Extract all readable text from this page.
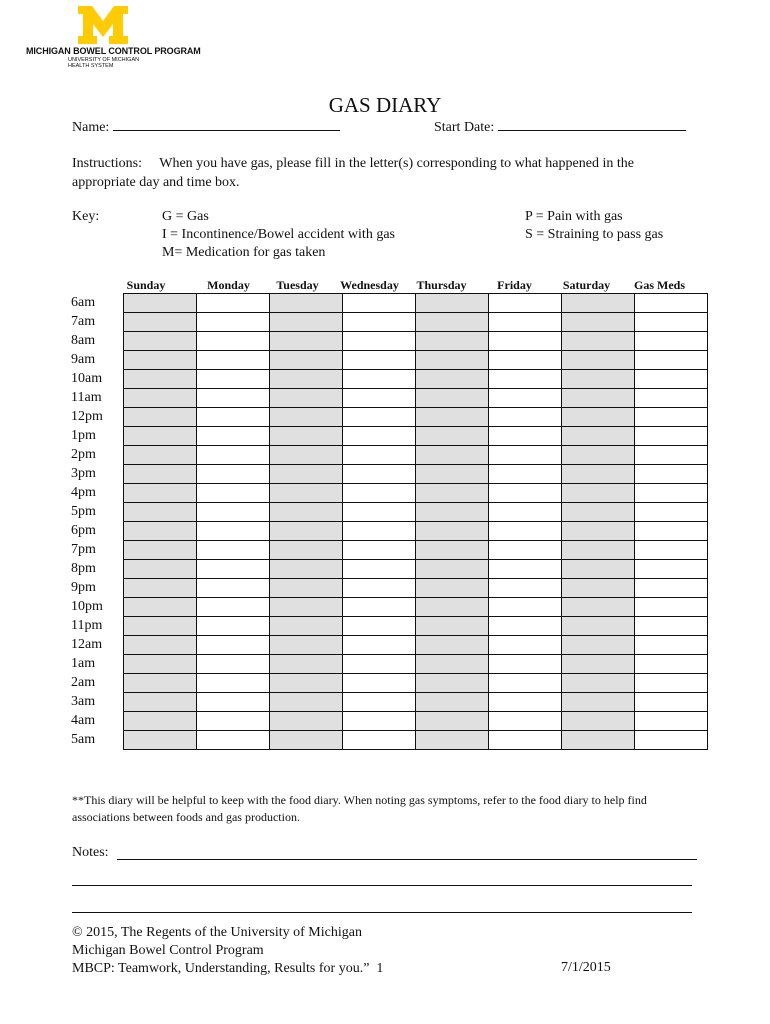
MICHIGAN BOWEL CONTROL PROGRAM
UNIVERSITY OF MICHIGAN
HEALTH SYSTEM
GAS DIARY
Name:	Start Date:
Instructions: When you have gas, please fill in the letter(s) corresponding to what happened in the appropriate day and time box.
Key:	G = Gas
I = Incontinence/Bowel accident with gas
M= Medication for gas taken
P = Pain with gas
S = Straining to pass gas
Sunday	Monday	Tuesday	Wednesday	Thursday	Friday	Saturday	Gas Meds
6am								
7am								
8am								
9am								
10am								
11am								
12pm								
1pm								
2pm								
3pm								
4pm								
5pm								
6pm								
7pm								
8pm								
9pm								
10pm								
11pm								
12am								
1am								
2am								
3am								
4am								
5am								
**This diary will be helpful to keep with the food diary. When noting gas symptoms, refer to the food diary to help find associations between foods and gas production.
Notes:
© 2015, The Regents of the University of Michigan
Michigan Bowel Control Program
MBCP: Teamwork, Understanding, Results for you.” 1	7/1/2015
